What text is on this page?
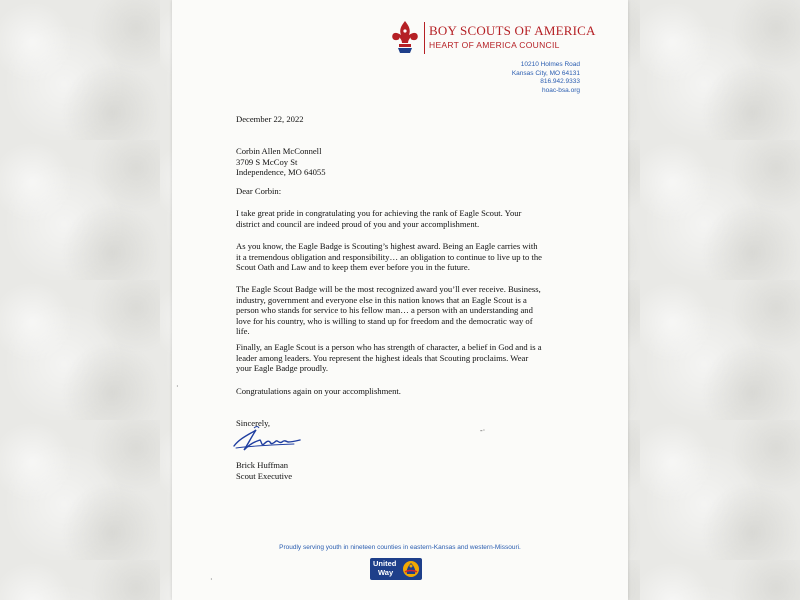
BOY SCOUTS OF AMERICA
HEART OF AMERICA COUNCIL
10210 Holmes Road
Kansas City, MO 64131
816.942.9333
hoac-bsa.org
December 22, 2022
Corbin Allen McConnell
3709 S McCoy St
Independence, MO 64055
Dear Corbin:
I take great pride in congratulating you for achieving the rank of Eagle Scout. Your
district and council are indeed proud of you and your accomplishment.
As you know, the Eagle Badge is Scouting’s highest award. Being an Eagle carries with
it a tremendous obligation and responsibility… an obligation to continue to live up to the
Scout Oath and Law and to keep them ever before you in the future.
The Eagle Scout Badge will be the most recognized award you’ll ever receive. Business,
industry, government and everyone else in this nation knows that an Eagle Scout is a
person who stands for service to his fellow man… a person with an understanding and
love for his country, who is willing to stand up for freedom and the democratic way of
life.
Finally, an Eagle Scout is a person who has strength of character, a belief in God and is a
leader among leaders. You represent the highest ideals that Scouting proclaims. Wear
your Eagle Badge proudly.
Congratulations again on your accomplishment.
Sincerely,
Brick Huffman
Scout Executive
Proudly serving youth in nineteen counties in eastern-Kansas and western-Missouri.
United
Way
·
-·
·
